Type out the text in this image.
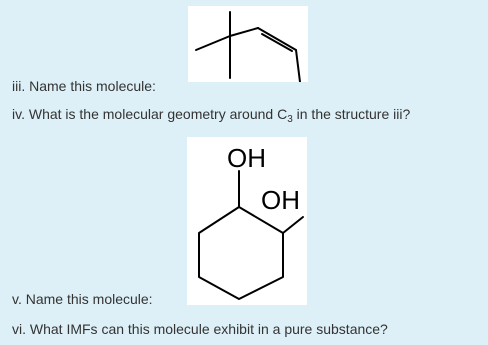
iii. Name this molecule:
iv. What is the molecular geometry around $C_3$ in the structure iii?
OH
OH
v. Name this molecule:
vi. What IMFs can this molecule exhibit in a pure substance?
